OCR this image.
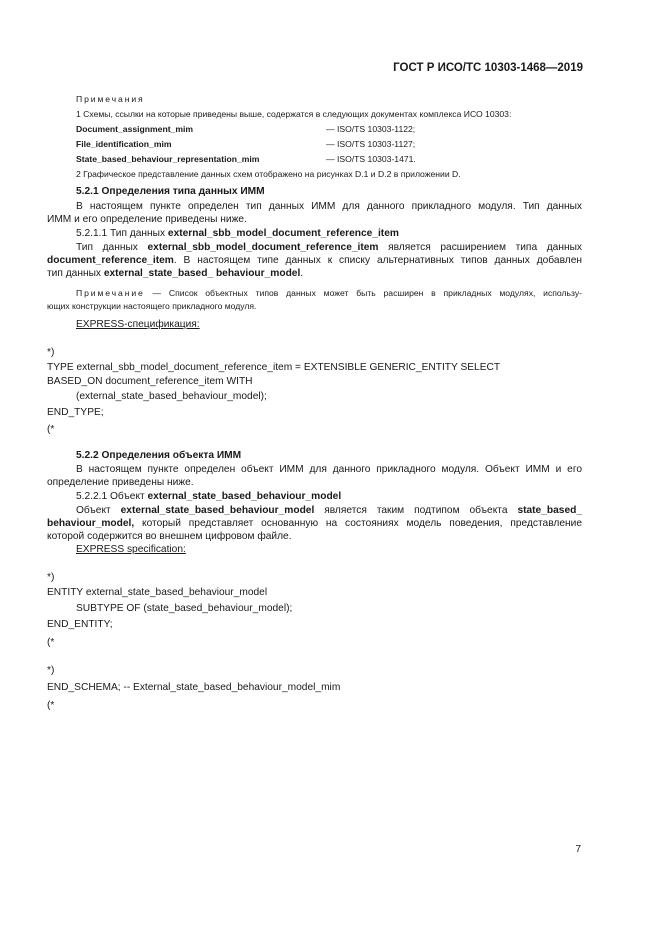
ГОСТ Р ИСО/ТС 10303-1468—2019
Примечания
1 Схемы, ссылки на которые приведены выше, содержатся в следующих документах комплекса ИСО 10303:
Document_assignment_mim	— ISO/TS 10303-1122;
File_identification_mim	— ISO/TS 10303-1127;
State_based_behaviour_representation_mim	— ISO/TS 10303-1471.
2 Графическое представление данных схем отображено на рисунках D.1 и D.2 в приложении D.
5.2.1 Определения типа данных ИММ
В настоящем пункте определен тип данных ИММ для данного прикладного модуля. Тип данных
ИММ и его определение приведены ниже.
5.2.1.1 Тип данных external_sbb_model_document_reference_item
Тип данных external_sbb_model_document_reference_item является расширением типа данных
document_reference_item. В настоящем типе данных к списку альтернативных типов данных добавлен
тип данных external_state_based_ behaviour_model.
Примечание — Список объектных типов данных может быть расширен в прикладных модулях, использу-
ющих конструкции настоящего прикладного модуля.
EXPRESS-спецификация:
*)
TYPE external_sbb_model_document_reference_item = EXTENSIBLE GENERIC_ENTITY SELECT
BASED_ON document_reference_item WITH
(external_state_based_behaviour_model);
END_TYPE;
(*
5.2.2 Определения объекта ИММ
В настоящем пункте определен объект ИММ для данного прикладного модуля. Объект ИММ и его
определение приведены ниже.
5.2.2.1 Объект external_state_based_behaviour_model
Объект external_state_based_behaviour_model является таким подтипом объекта state_based_
behaviour_model, который представляет основанную на состояниях модель поведения, представление
которой содержится во внешнем цифровом файле.
EXPRESS specification:
*)
ENTITY external_state_based_behaviour_model
SUBTYPE OF (state_based_behaviour_model);
END_ENTITY;
(*
*)
END_SCHEMA; -- External_state_based_behaviour_model_mim
(*
7
